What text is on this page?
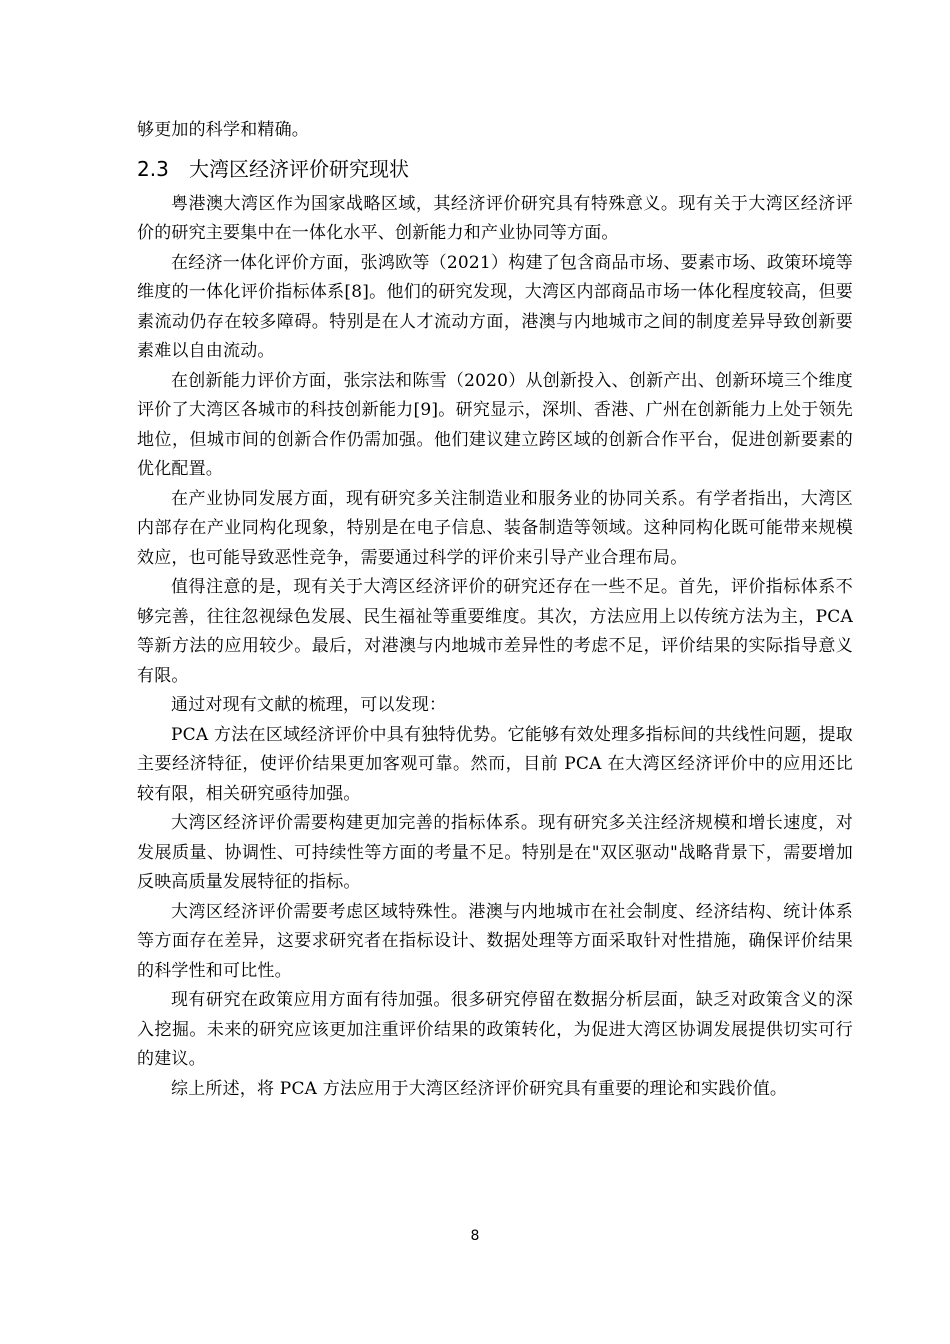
够更加的科学和精确。

2.3	大湾区经济评价研究现状

粤港澳大湾区作为国家战略区域，其经济评价研究具有特殊意义。现有关于大湾区经济评价的研究主要集中在一体化水平、创新能力和产业协同等方面。

在经济一体化评价方面，张鸿欧等（2021）构建了包含商品市场、要素市场、政策环境等维度的一体化评价指标体系[8]。他们的研究发现，大湾区内部商品市场一体化程度较高，但要素流动仍存在较多障碍。特别是在人才流动方面，港澳与内地城市之间的制度差异导致创新要素难以自由流动。

在创新能力评价方面，张宗法和陈雪（2020）从创新投入、创新产出、创新环境三个维度评价了大湾区各城市的科技创新能力[9]。研究显示，深圳、香港、广州在创新能力上处于领先地位，但城市间的创新合作仍需加强。他们建议建立跨区域的创新合作平台，促进创新要素的优化配置。

在产业协同发展方面，现有研究多关注制造业和服务业的协同关系。有学者指出，大湾区内部存在产业同构化现象，特别是在电子信息、装备制造等领域。这种同构化既可能带来规模效应，也可能导致恶性竞争，需要通过科学的评价来引导产业合理布局。

值得注意的是，现有关于大湾区经济评价的研究还存在一些不足。首先，评价指标体系不够完善，往往忽视绿色发展、民生福祉等重要维度。其次，方法应用上以传统方法为主，PCA 等新方法的应用较少。最后，对港澳与内地城市差异性的考虑不足，评价结果的实际指导意义有限。

通过对现有文献的梳理，可以发现：

PCA 方法在区域经济评价中具有独特优势。它能够有效处理多指标间的共线性问题，提取主要经济特征，使评价结果更加客观可靠。然而，目前 PCA 在大湾区经济评价中的应用还比较有限，相关研究亟待加强。

大湾区经济评价需要构建更加完善的指标体系。现有研究多关注经济规模和增长速度，对发展质量、协调性、可持续性等方面的考量不足。特别是在"双区驱动"战略背景下，需要增加反映高质量发展特征的指标。

大湾区经济评价需要考虑区域特殊性。港澳与内地城市在社会制度、经济结构、统计体系等方面存在差异，这要求研究者在指标设计、数据处理等方面采取针对性措施，确保评价结果的科学性和可比性。

现有研究在政策应用方面有待加强。很多研究停留在数据分析层面，缺乏对政策含义的深入挖掘。未来的研究应该更加注重评价结果的政策转化，为促进大湾区协调发展提供切实可行的建议。

综上所述，将 PCA 方法应用于大湾区经济评价研究具有重要的理论和实践价值。

8
